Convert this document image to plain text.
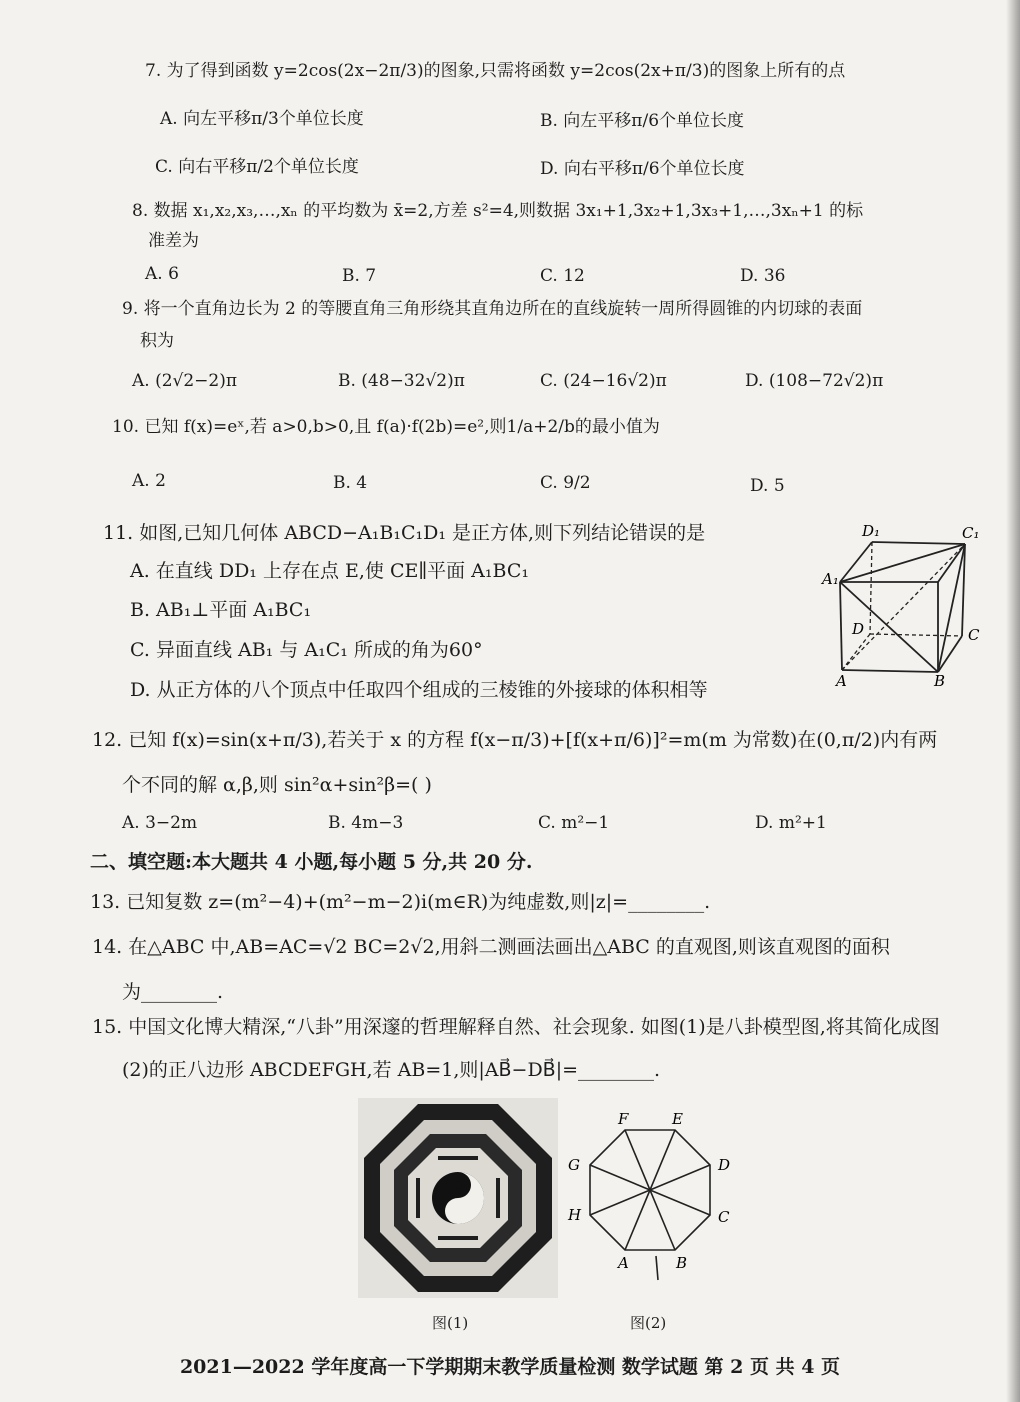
7. 为了得到函数 y=2cos(2x−2π/3)的图象,只需将函数 y=2cos(2x+π/3)的图象上所有的点
A. 向左平移π/3个单位长度	B. 向左平移π/6个单位长度
C. 向右平移π/2个单位长度	D. 向右平移π/6个单位长度
8. 数据 x₁,x₂,x₃,…,xₙ 的平均数为 x̄=2,方差 s²=4,则数据 3x₁+1,3x₂+1,3x₃+1,…,3xₙ+1 的标
准差为
A. 6	B. 7	C. 12	D. 36
9. 将一个直角边长为 2 的等腰直角三角形绕其直角边所在的直线旋转一周所得圆锥的内切球的表面
积为
A. (2√2−2)π	B. (48−32√2)π	C. (24−16√2)π	D. (108−72√2)π
10. 已知 f(x)=eˣ,若 a>0,b>0,且 f(a)·f(2b)=e²,则1/a+2/b的最小值为
A. 2	B. 4	C. 9/2	D. 5
11. 如图,已知几何体 ABCD−A₁B₁C₁D₁ 是正方体,则下列结论错误的是
A. 在直线 DD₁ 上存在点 E,使 CE∥平面 A₁BC₁
B. AB₁⊥平面 A₁BC₁
C. 异面直线 AB₁ 与 A₁C₁ 所成的角为60°
D. 从正方体的八个顶点中任取四个组成的三棱锥的外接球的体积相等
D₁	C₁
A₁
D	C
A	B
12. 已知 f(x)=sin(x+π/3),若关于 x 的方程 f(x−π/3)+[f(x+π/6)]²=m(m 为常数)在(0,π/2)内有两
个不同的解 α,β,则 sin²α+sin²β=( )
A. 3−2m	B. 4m−3	C. m²−1	D. m²+1
二、填空题:本大题共 4 小题,每小题 5 分,共 20 分.
13. 已知复数 z=(m²−4)+(m²−m−2)i(m∈R)为纯虚数,则|z|=________.
14. 在△ABC 中,AB=AC=√2 BC=2√2,用斜二测画法画出△ABC 的直观图,则该直观图的面积
为________.
15. 中国文化博大精深,“八卦”用深邃的哲理解释自然、社会现象. 如图(1)是八卦模型图,将其简化成图
(2)的正八边形 ABCDEFGH,若 AB=1,则|AB⃗−DB⃗|=________.
图(1)
F	E
G	D
H	C
A	B
图(2)
2021—2022 学年度高一下学期期末教学质量检测 数学试题 第 2 页 共 4 页
